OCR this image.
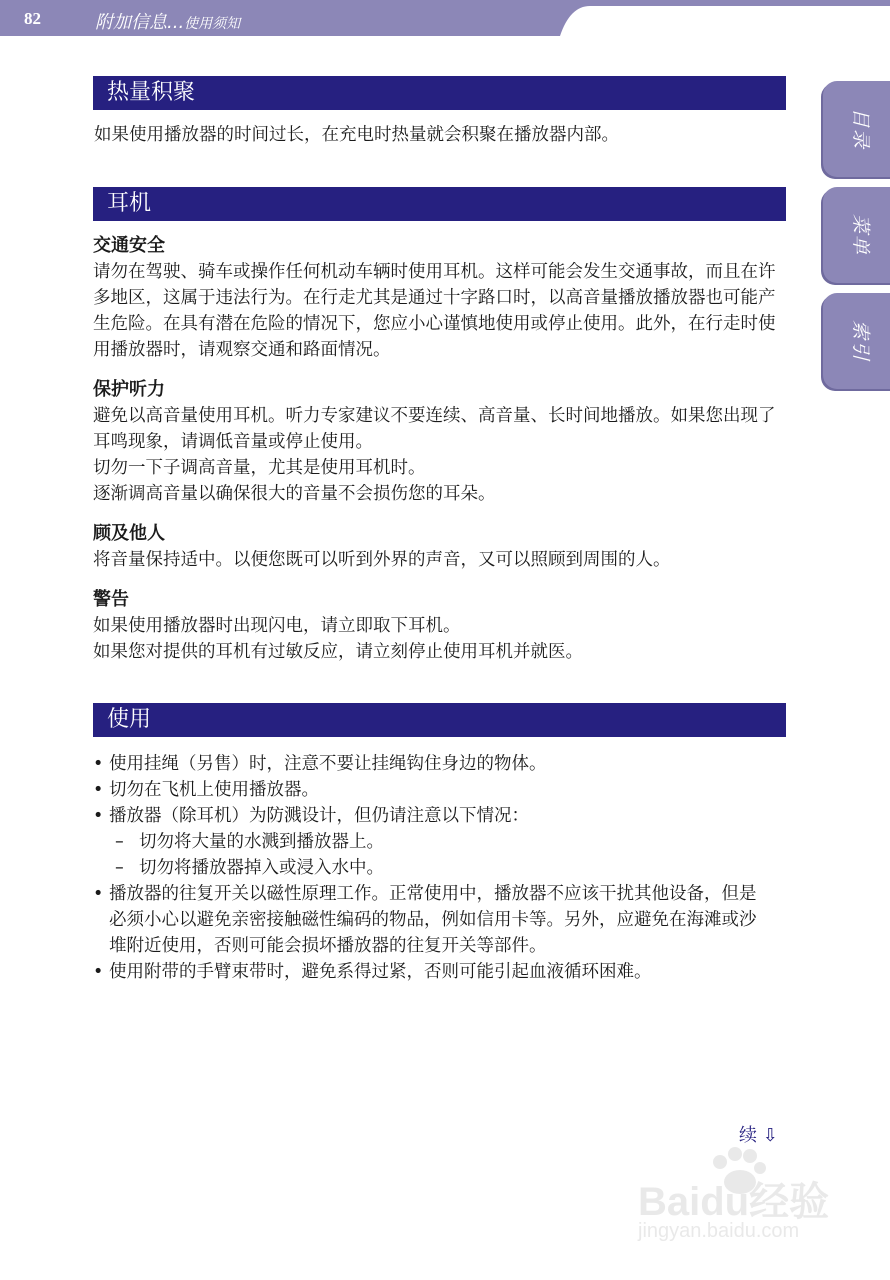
82	附加信息...使用须知
目录
菜单
索引
热量积聚

如果使用播放器的时间过长，在充电时热量就会积聚在播放器内部。

耳机

交通安全

请勿在驾驶、骑车或操作任何机动车辆时使用耳机。这样可能会发生交通事故，而且在许多地区，这属于违法行为。在行走尤其是通过十字路口时，以高音量播放播放器也可能产生危险。在具有潜在危险的情况下，您应小心谨慎地使用或停止使用。此外，在行走时使用播放器时，请观察交通和路面情况。

保护听力

避免以高音量使用耳机。听力专家建议不要连续、高音量、长时间地播放。如果您出现了耳鸣现象，请调低音量或停止使用。

切勿一下子调高音量，尤其是使用耳机时。

逐渐调高音量以确保很大的音量不会损伤您的耳朵。

顾及他人

将音量保持适中。以便您既可以听到外界的声音，又可以照顾到周围的人。

警告

如果使用播放器时出现闪电，请立即取下耳机。

如果您对提供的耳机有过敏反应，请立刻停止使用耳机并就医。

使用
• 使用挂绳（另售）时，注意不要让挂绳钩住身边的物体。
• 切勿在飞机上使用播放器。
• 播放器（除耳机）为防溅设计，但仍请注意以下情况：
– 切勿将大量的水溅到播放器上。
– 切勿将播放器掉入或浸入水中。
• 播放器的往复开关以磁性原理工作。正常使用中，播放器不应该干扰其他设备，但是必须小心以避免亲密接触磁性编码的物品，例如信用卡等。另外，应避免在海滩或沙堆附近使用，否则可能会损坏播放器的往复开关等部件。
• 使用附带的手臂束带时，避免系得过紧，否则可能引起血液循环困难。
续 ⇩
Baidu经验
jingyan.baidu.com
